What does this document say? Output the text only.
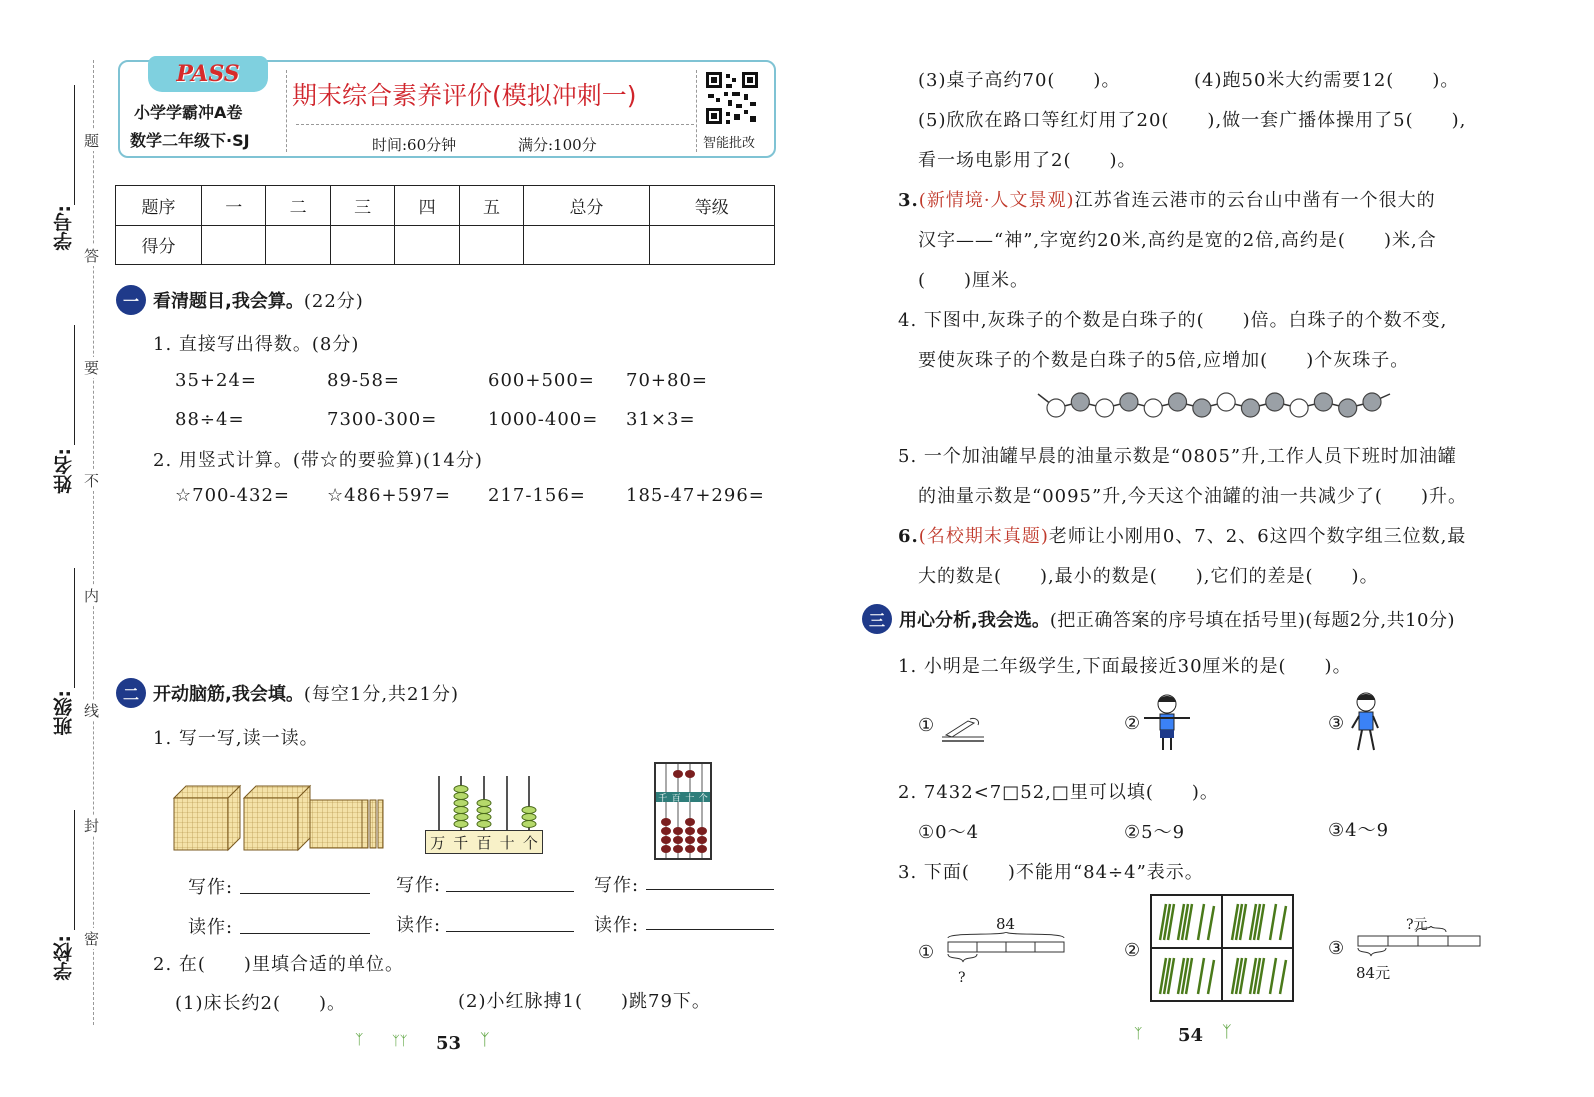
学号:
姓名:
班级:
学校:
题
答
要
不
内
线
封
密
PASS
小学学霸冲A卷
数学二年级下·SJ
期末综合素养评价(模拟冲刺一)
时间:60分钟	满分:100分	智能批改
题序	一	二	三	四	五	总分	等级
得分							
一 看清题目,我会算。(22分)
1. 直接写出得数。(8分)
35+24=	89-58=	600+500= 70+80=
88÷4=	7300-300=	1000-400= 31×3=
2. 用竖式计算。(带☆的要验算)(14分)
☆700-432= ☆486+597= 217-156= 185-47+296=
二 开动脑筋,我会填。(每空1分,共21分)
1. 写一写,读一读。
万 千 百 十 个
千 百 十 个
写作:	写作:	写作:
读作:	读作:	读作:
2. 在(　　)里填合适的单位。
(1)床长约2(　　)。	(2)小红脉搏1(　　)跳79下。
ᛉ ᛉᛉ 53 ᛉ
(3)桌子高约70(　　)。	(4)跑50米大约需要12(　　)。
(5)欣欣在路口等红灯用了20(　　),做一套广播体操用了5(　　),
看一场电影用了2(　　)。
3.(新情境·人文景观)江苏省连云港市的云台山中凿有一个很大的
汉字——“神”,字宽约20米,高约是宽的2倍,高约是(　　)米,合
(　　)厘米。
4. 下图中,灰珠子的个数是白珠子的(　　)倍。白珠子的个数不变,
要使灰珠子的个数是白珠子的5倍,应增加(　　)个灰珠子。
5. 一个加油罐早晨的油量示数是“0805”升,工作人员下班时加油罐
的油量示数是“0095”升,今天这个油罐的油一共减少了(　　)升。
6.(名校期末真题)老师让小刚用0、7、2、6这四个数字组三位数,最
大的数是(　　),最小的数是(　　),它们的差是(　　)。
三 用心分析,我会选。(把正确答案的序号填在括号里)(每题2分,共10分)
1. 小明是二年级学生,下面最接近30厘米的是(　　)。
①	②	③
2. 7432<7□52,□里可以填(　　)。
①0～4	②5～9	③4～9
3. 下面(　　)不能用“84÷4”表示。
①
84
?
②	③
?元
84元
ᛉ 54 ᛉ
